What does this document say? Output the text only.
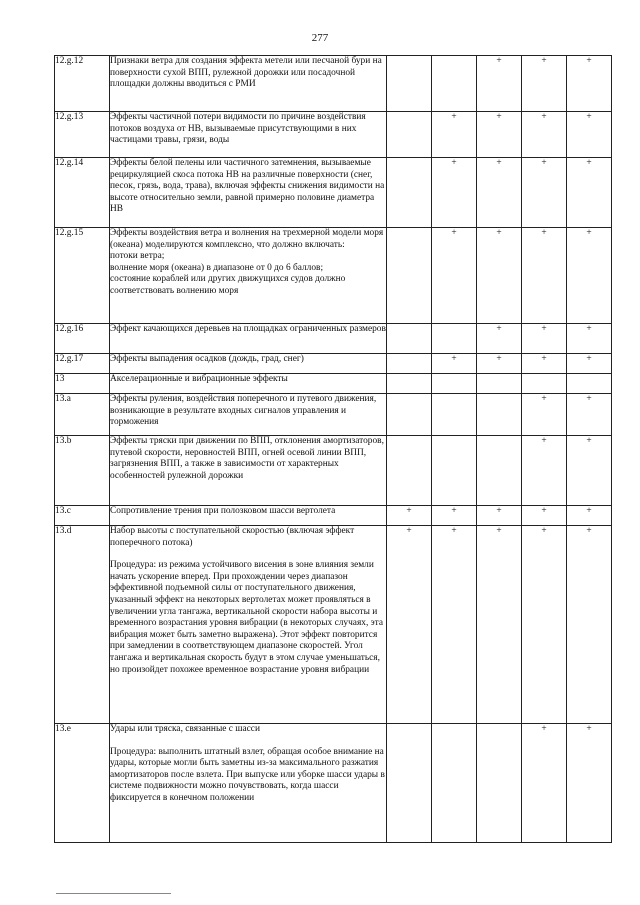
277
12.g.12	Признаки ветра для создания эффекта метели или песчаной бури на поверхности сухой ВПП, рулежной дорожки или посадочной площадки должны вводиться с РМИ			+	+	+
12.g.13	Эффекты частичной потери видимости по причине воздействия потоков воздуха от НВ, вызываемые присутствующими в них частицами травы, грязи, воды		+	+	+	+
12.g.14	Эффекты белой пелены или частичного затемнения, вызываемые рециркуляцией скоса потока НВ на различные поверхности (снег, песок, грязь, вода, трава), включая эффекты снижения видимости на высоте относительно земли, равной примерно половине диаметра НВ		+	+	+	+
12.g.15	Эффекты воздействия ветра и волнения на трехмерной модели моря (океана) моделируются комплексно, что должно включать:
потоки ветра;
волнение моря (океана) в диапазоне от 0 до 6 баллов;
состояние кораблей или других движущихся судов должно соответствовать волнению моря		+	+	+	+
12.g.16	Эффект качающихся деревьев на площадках ограниченных размеров			+	+	+
12.g.17	Эффекты выпадения осадков (дождь, град, снег)		+	+	+	+
13	Акселерационные и вибрационные эффекты					

13.a	Эффекты руления, воздействия поперечного и путевого движения, возникающие в результате входных сигналов управления и торможения				+	+
13.b	Эффекты тряски при движении по ВПП, отклонения амортизаторов, путевой скорости, неровностей ВПП, огней осевой линии ВПП, загрязнения ВПП, а также в зависимости от характерных особенностей рулежной дорожки				+	+
13.c	Сопротивление трения при полозковом шасси вертолета	+	+	+	+	+
13.d	Набор высоты с поступательной скоростью (включая эффект поперечного потока)
Процедура: из режима устойчивого висения в зоне влияния земли начать ускорение вперед. При прохождении через диапазон эффективной подъемной силы от поступательного движения, указанный эффект на некоторых вертолетах может проявляться в увеличении угла тангажа, вертикальной скорости набора высоты и временного возрастания уровня вибрации (в некоторых случаях, эта вибрация может быть заметно выражена). Этот эффект повторится при замедлении в соответствующем диапазоне скоростей. Угол тангажа и вертикальная скорость будут в этом случае уменьшаться, но произойдет похожее временное возрастание уровня вибрации	+	+	+	+	+
13.e	Удары или тряска, связанные с шасси
Процедура: выполнить штатный взлет, обращая особое внимание на удары, которые могли быть заметны из-за максимального разжатия амортизаторов после взлета. При выпуске или уборке шасси удары в системе подвижности можно почувствовать, когда шасси фиксируется в конечном положении				+	+
